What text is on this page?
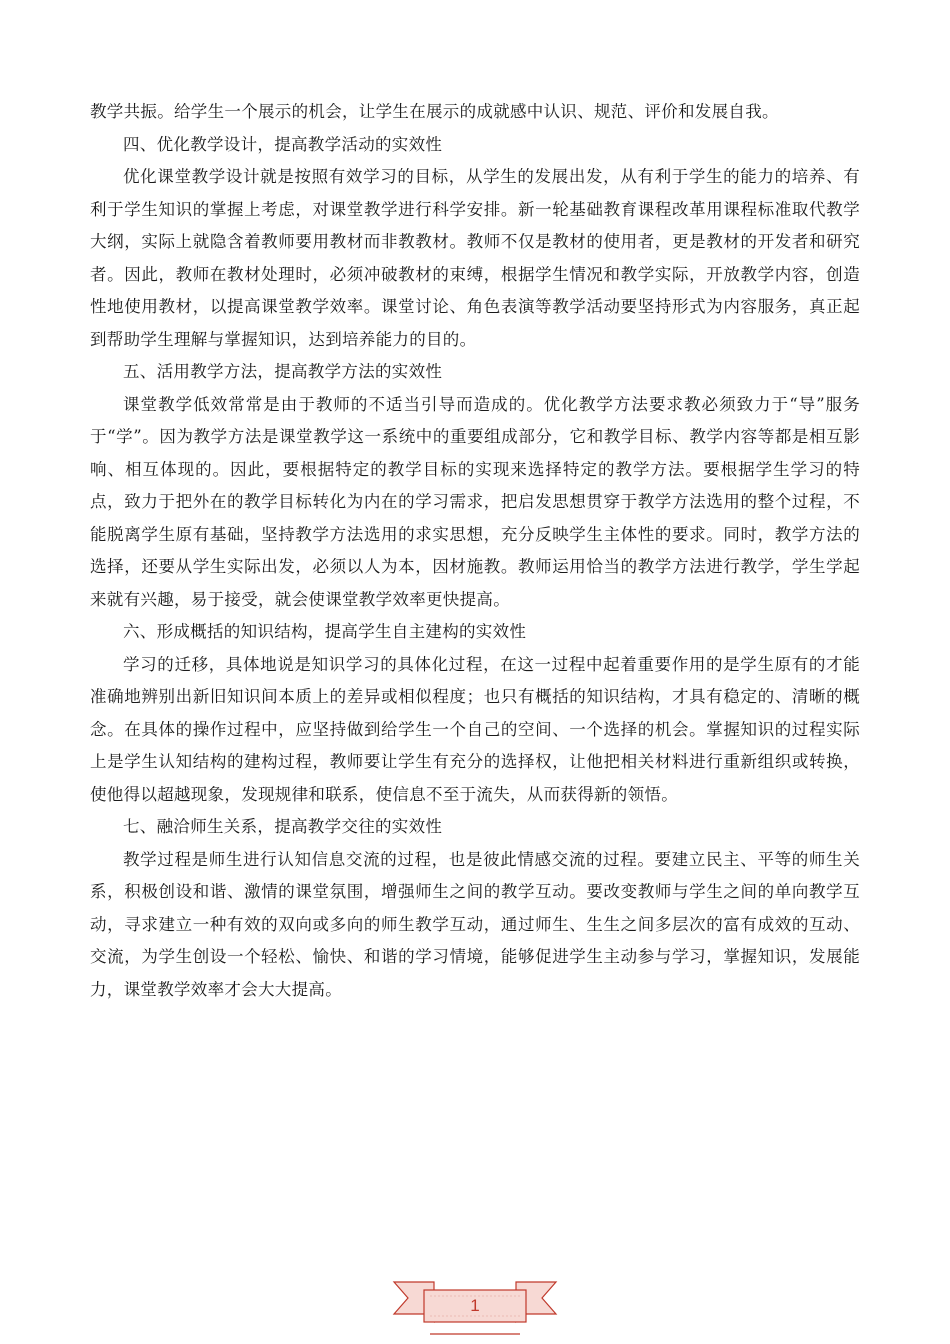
教学共振。给学生一个展示的机会，让学生在展示的成就感中认识、规范、评价和发展自我。

四、优化教学设计，提高教学活动的实效性

优化课堂教学设计就是按照有效学习的目标，从学生的发展出发，从有利于学生的能力的培养、有利于学生知识的掌握上考虑，对课堂教学进行科学安排。新一轮基础教育课程改革用课程标准取代教学大纲，实际上就隐含着教师要用教材而非教教材。教师不仅是教材的使用者，更是教材的开发者和研究者。因此，教师在教材处理时，必须冲破教材的束缚，根据学生情况和教学实际，开放教学内容，创造性地使用教材，以提高课堂教学效率。课堂讨论、角色表演等教学活动要坚持形式为内容服务，真正起到帮助学生理解与掌握知识，达到培养能力的目的。

五、活用教学方法，提高教学方法的实效性

课堂教学低效常常是由于教师的不适当引导而造成的。优化教学方法要求教必须致力于“导”服务于“学”。因为教学方法是课堂教学这一系统中的重要组成部分，它和教学目标、教学内容等都是相互影响、相互体现的。因此，要根据特定的教学目标的实现来选择特定的教学方法。要根据学生学习的特点，致力于把外在的教学目标转化为内在的学习需求，把启发思想贯穿于教学方法选用的整个过程，不能脱离学生原有基础，坚持教学方法选用的求实思想，充分反映学生主体性的要求。同时，教学方法的选择，还要从学生实际出发，必须以人为本，因材施教。教师运用恰当的教学方法进行教学，学生学起来就有兴趣，易于接受，就会使课堂教学效率更快提高。

六、形成概括的知识结构，提高学生自主建构的实效性

学习的迁移，具体地说是知识学习的具体化过程，在这一过程中起着重要作用的是学生原有的才能准确地辨别出新旧知识间本质上的差异或相似程度；也只有概括的知识结构，才具有稳定的、清晰的概念。在具体的操作过程中，应坚持做到给学生一个自己的空间、一个选择的机会。掌握知识的过程实际上是学生认知结构的建构过程，教师要让学生有充分的选择权，让他把相关材料进行重新组织或转换，使他得以超越现象，发现规律和联系，使信息不至于流失，从而获得新的领悟。

七、融洽师生关系，提高教学交往的实效性

教学过程是师生进行认知信息交流的过程，也是彼此情感交流的过程。要建立民主、平等的师生关系，积极创设和谐、激情的课堂氛围，增强师生之间的教学互动。要改变教师与学生之间的单向教学互动，寻求建立一种有效的双向或多向的师生教学互动，通过师生、生生之间多层次的富有成效的互动、交流，为学生创设一个轻松、愉快、和谐的学习情境，能够促进学生主动参与学习，掌握知识，发展能力，课堂教学效率才会大大提高。

1
